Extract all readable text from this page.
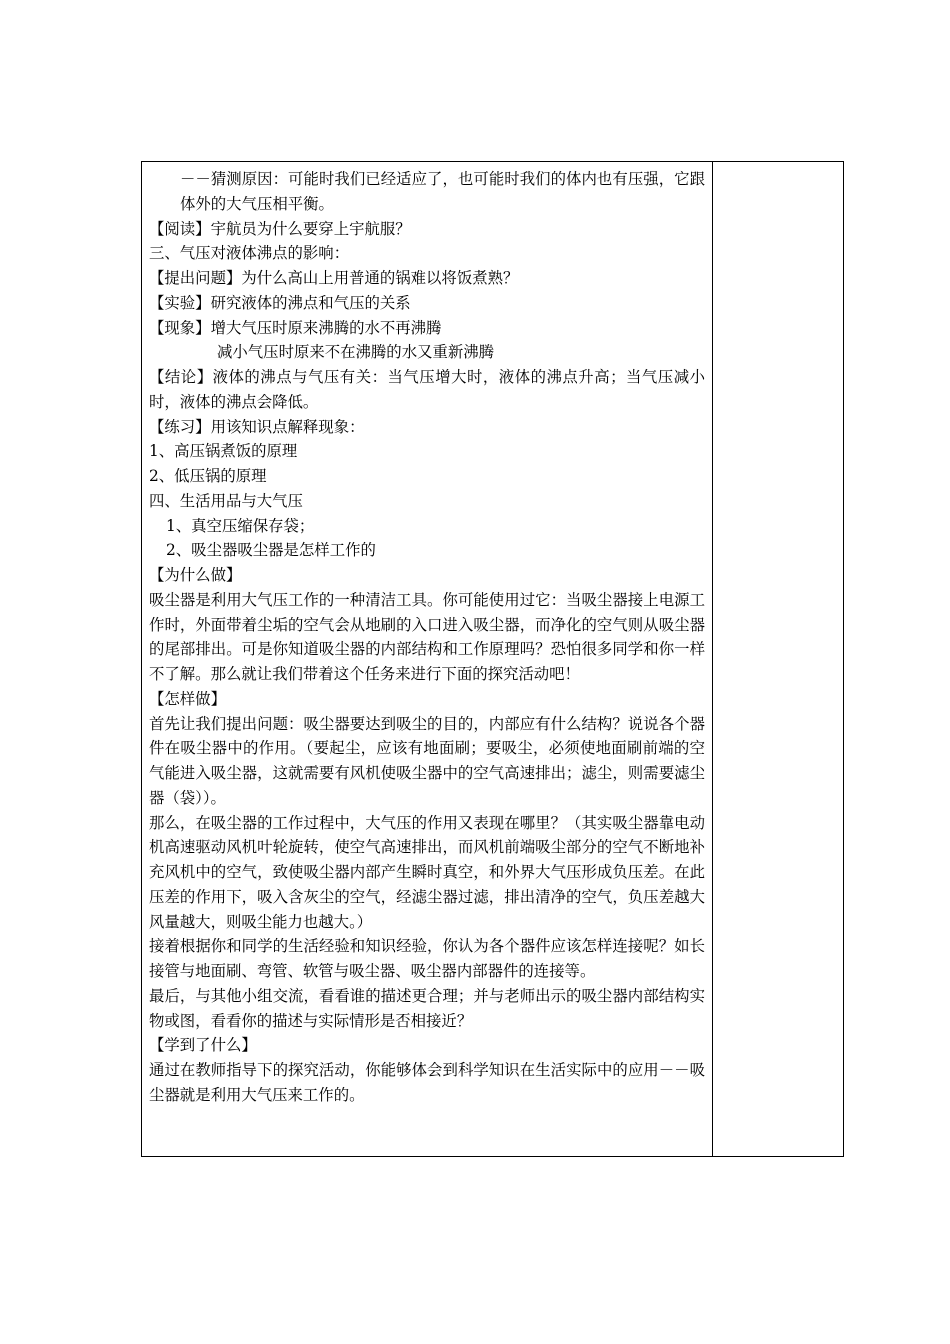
－－猜测原因：可能时我们已经适应了，也可能时我们的体内也有压强，它跟体外的大气压相平衡。

【阅读】宇航员为什么要穿上宇航服？

三、气压对液体沸点的影响：

【提出问题】为什么高山上用普通的锅难以将饭煮熟？

【实验】研究液体的沸点和气压的关系

【现象】增大气压时原来沸腾的水不再沸腾

减小气压时原来不在沸腾的水又重新沸腾

【结论】液体的沸点与气压有关：当气压增大时，液体的沸点升高；当气压减小时，液体的沸点会降低。

【练习】用该知识点解释现象：

1、高压锅煮饭的原理

2、低压锅的原理

四、生活用品与大气压

1、真空压缩保存袋；

2、吸尘器吸尘器是怎样工作的

【为什么做】

吸尘器是利用大气压工作的一种清洁工具。你可能使用过它：当吸尘器接上电源工作时，外面带着尘垢的空气会从地刷的入口进入吸尘器，而净化的空气则从吸尘器的尾部排出。可是你知道吸尘器的内部结构和工作原理吗？恐怕很多同学和你一样不了解。那么就让我们带着这个任务来进行下面的探究活动吧！

【怎样做】

首先让我们提出问题：吸尘器要达到吸尘的目的，内部应有什么结构？说说各个器件在吸尘器中的作用。（要起尘，应该有地面刷；要吸尘，必须使地面刷前端的空气能进入吸尘器，这就需要有风机使吸尘器中的空气高速排出；滤尘，则需要滤尘器（袋））。

那么，在吸尘器的工作过程中，大气压的作用又表现在哪里？（其实吸尘器靠电动机高速驱动风机叶轮旋转，使空气高速排出，而风机前端吸尘部分的空气不断地补充风机中的空气，致使吸尘器内部产生瞬时真空，和外界大气压形成负压差。在此压差的作用下，吸入含灰尘的空气，经滤尘器过滤，排出清净的空气，负压差越大风量越大，则吸尘能力也越大。）

接着根据你和同学的生活经验和知识经验，你认为各个器件应该怎样连接呢？如长接管与地面刷、弯管、软管与吸尘器、吸尘器内部器件的连接等。

最后，与其他小组交流，看看谁的描述更合理；并与老师出示的吸尘器内部结构实物或图，看看你的描述与实际情形是否相接近？

【学到了什么】

通过在教师指导下的探究活动，你能够体会到科学知识在生活实际中的应用－－吸尘器就是利用大气压来工作的。
